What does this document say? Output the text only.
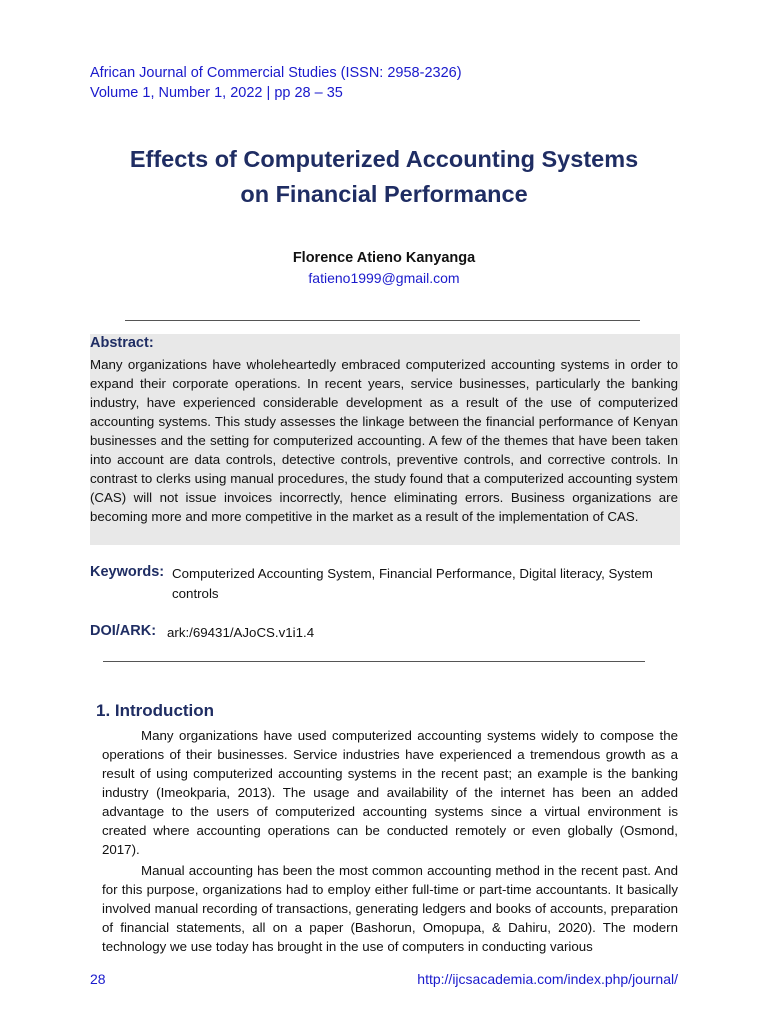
African Journal of Commercial Studies (ISSN: 2958-2326)
Volume 1, Number 1, 2022 | pp 28 – 35
Effects of Computerized Accounting Systems
on Financial Performance
Florence Atieno Kanyanga
fatieno1999@gmail.com
Abstract:
Many organizations have wholeheartedly embraced computerized accounting systems in order to expand their corporate operations. In recent years, service businesses, particularly the banking industry, have experienced considerable development as a result of the use of computerized accounting systems. This study assesses the linkage between the financial performance of Kenyan businesses and the setting for computerized accounting. A few of the themes that have been taken into account are data controls, detective controls, preventive controls, and corrective controls. In contrast to clerks using manual procedures, the study found that a computerized accounting system (CAS) will not issue invoices incorrectly, hence eliminating errors. Business organizations are becoming more and more competitive in the market as a result of the implementation of CAS.
Keywords: Computerized Accounting System, Financial Performance, Digital literacy, System
controls
DOI/ARK: ark:/69431/AJoCS.v1i1.4
1. Introduction

Many organizations have used computerized accounting systems widely to compose the operations of their businesses. Service industries have experienced a tremendous growth as a result of using computerized accounting systems in the recent past; an example is the banking industry (Imeokparia, 2013). The usage and availability of the internet has been an added advantage to the users of computerized accounting systems since a virtual environment is created where accounting operations can be conducted remotely or even globally (Osmond, 2017).

Manual accounting has been the most common accounting method in the recent past. And for this purpose, organizations had to employ either full-time or part-time accountants. It basically involved manual recording of transactions, generating ledgers and books of accounts, preparation of financial statements, all on a paper (Bashorun, Omopupa, & Dahiru, 2020). The modern technology we use today has brought in the use of computers in conducting various

28	http://ijcsacademia.com/index.php/journal/
